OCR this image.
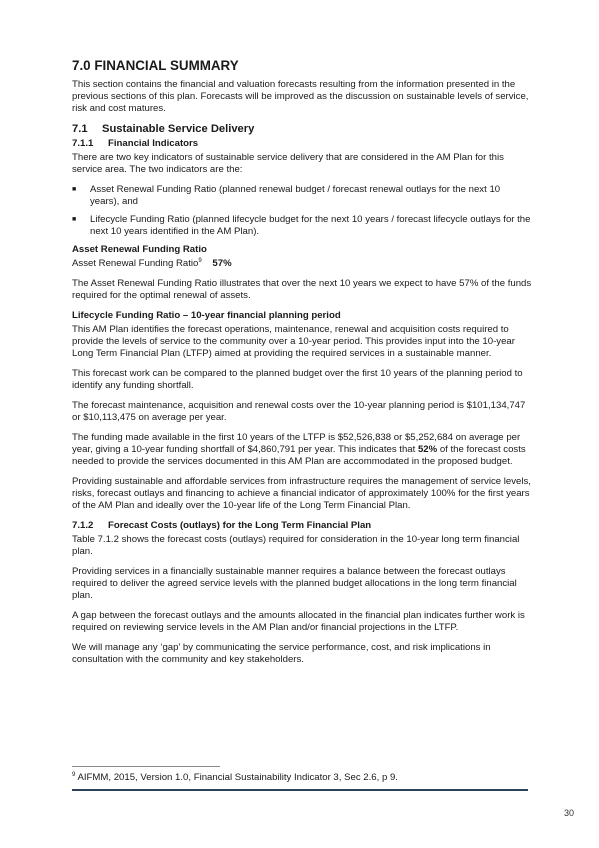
7.0 FINANCIAL SUMMARY

This section contains the financial and valuation forecasts resulting from the information presented in the previous sections of this plan. Forecasts will be improved as the discussion on sustainable levels of service, risk and cost matures.

7.1	Sustainable Service Delivery
7.1.1	Financial Indicators

There are two key indicators of sustainable service delivery that are considered in the AM Plan for this service area. The two indicators are the:

■	Asset Renewal Funding Ratio (planned renewal budget / forecast renewal outlays for the next 10 years), and
■	Lifecycle Funding Ratio (planned lifecycle budget for the next 10 years / forecast lifecycle outlays for the next 10 years identified in the AM Plan).
Asset Renewal Funding Ratio
Asset Renewal Funding Ratio$^9$ 57%

The Asset Renewal Funding Ratio illustrates that over the next 10 years we expect to have 57% of the funds required for the optimal renewal of assets.

Lifecycle Funding Ratio – 10-year financial planning period

This AM Plan identifies the forecast operations, maintenance, renewal and acquisition costs required to provide the levels of service to the community over a 10-year period. This provides input into the 10-year Long Term Financial Plan (LTFP) aimed at providing the required services in a sustainable manner.

This forecast work can be compared to the planned budget over the first 10 years of the planning period to identify any funding shortfall.

The forecast maintenance, acquisition and renewal costs over the 10-year planning period is $101,134,747 or $10,113,475 on average per year.

The funding made available in the first 10 years of the LTFP is $52,526,838 or $5,252,684 on average per year, giving a 10-year funding shortfall of $4,860,791 per year. This indicates that 52% of the forecast costs needed to provide the services documented in this AM Plan are accommodated in the proposed budget.

Providing sustainable and affordable services from infrastructure requires the management of service levels, risks, forecast outlays and financing to achieve a financial indicator of approximately 100% for the first years of the AM Plan and ideally over the 10-year life of the Long Term Financial Plan.

7.1.2	Forecast Costs (outlays) for the Long Term Financial Plan

Table 7.1.2 shows the forecast costs (outlays) required for consideration in the 10-year long term financial plan.

Providing services in a financially sustainable manner requires a balance between the forecast outlays required to deliver the agreed service levels with the planned budget allocations in the long term financial plan.

A gap between the forecast outlays and the amounts allocated in the financial plan indicates further work is required on reviewing service levels in the AM Plan and/or financial projections in the LTFP.

We will manage any ‘gap’ by communicating the service performance, cost, and risk implications in consultation with the community and key stakeholders.

$^9$ AIFMM, 2015, Version 1.0, Financial Sustainability Indicator 3, Sec 2.6, p 9.
30
